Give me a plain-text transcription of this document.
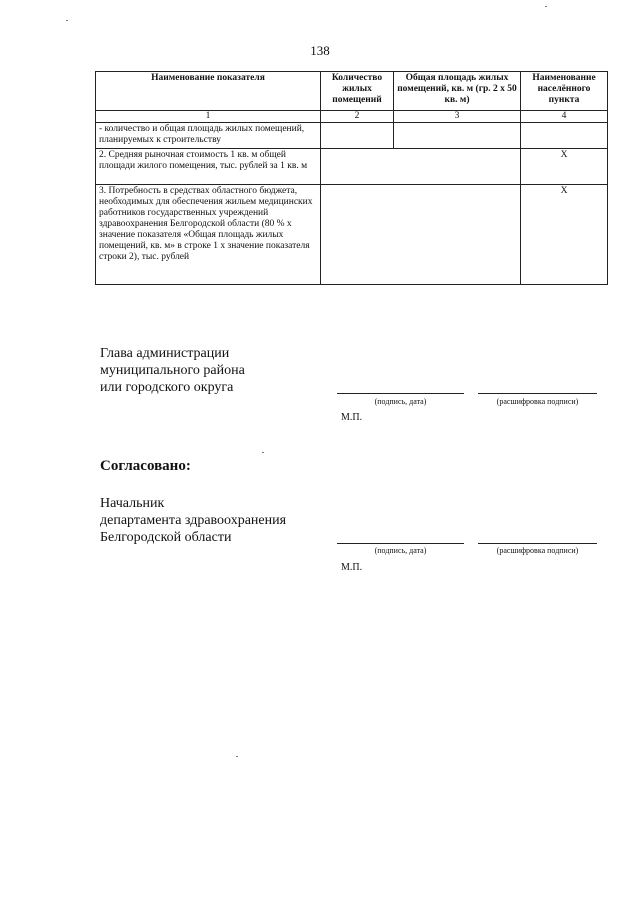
138
Наименование показателя	Количество жилых помещений	Общая площадь жилых помещений, кв. м (гр. 2 х 50 кв. м)	Наименование населённого пункта
1	2	3	4
- количество и общая площадь жилых помещений, планируемых к строительству			
2. Средняя рыночная стоимость 1 кв. м общей площади жилого помещения, тыс. рублей за 1 кв. м			Х
3. Потребность в средствах областного бюджета, необходимых для обеспечения жильем медицинских работников государственных учреждений здравоохранения Белгородской области (80 % х значение показателя «Общая площадь жилых помещений, кв. м» в строке 1 х значение показателя строки 2), тыс. рублей			Х
Глава администрации
муниципального района
или городского округа
(подпись, дата)	(расшифровка подписи)
М.П.
Согласовано:
Начальник
департамента здравоохранения
Белгородской области
(подпись, дата)	(расшифровка подписи)
М.П.
